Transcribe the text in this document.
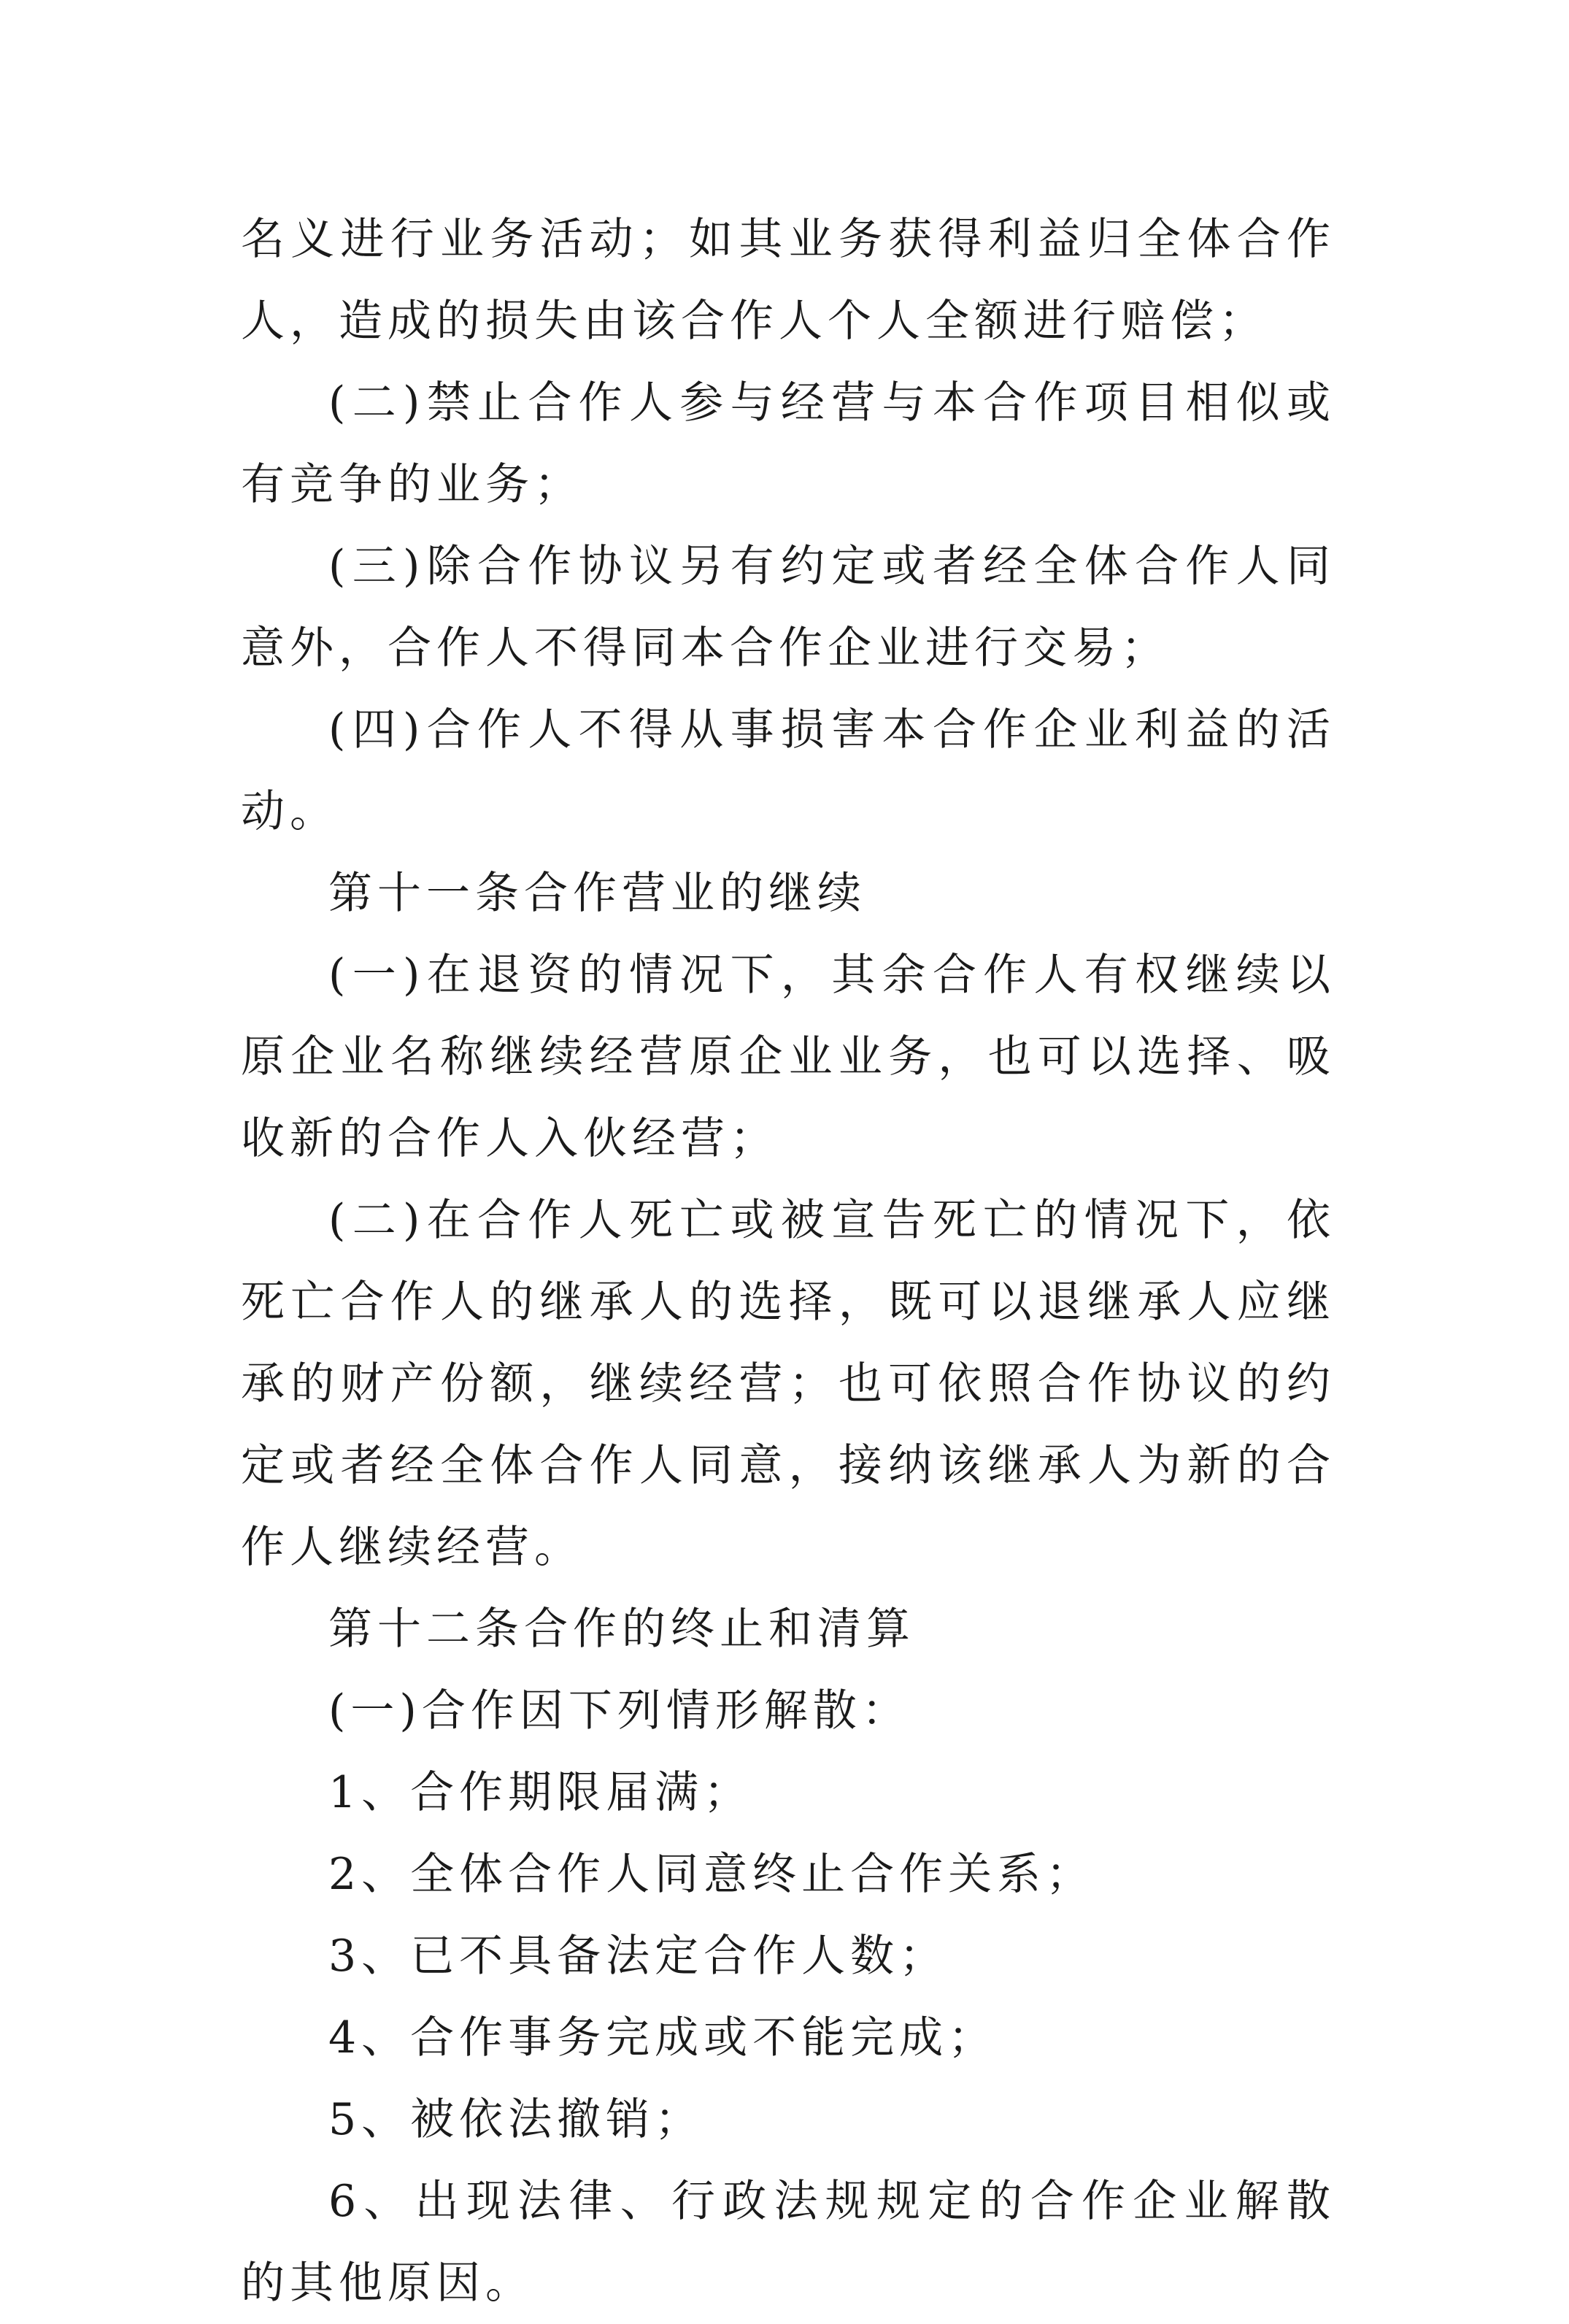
名义进行业务活动；如其业务获得利益归全体合作人，造成的损失由该合作人个人全额进行赔偿；

(二)禁止合作人参与经营与本合作项目相似或有竞争的业务；

(三)除合作协议另有约定或者经全体合作人同意外，合作人不得同本合作企业进行交易；

(四)合作人不得从事损害本合作企业利益的活动。

第十一条合作营业的继续

(一)在退资的情况下，其余合作人有权继续以原企业名称继续经营原企业业务，也可以选择、吸收新的合作人入伙经营；

(二)在合作人死亡或被宣告死亡的情况下，依死亡合作人的继承人的选择，既可以退继承人应继承的财产份额，继续经营；也可依照合作协议的约定或者经全体合作人同意，接纳该继承人为新的合作人继续经营。

第十二条合作的终止和清算

(一)合作因下列情形解散：

1、合作期限届满；

2、全体合作人同意终止合作关系；

3、已不具备法定合作人数；

4、合作事务完成或不能完成；

5、被依法撤销；

6、出现法律、行政法规规定的合作企业解散的其他原因。
